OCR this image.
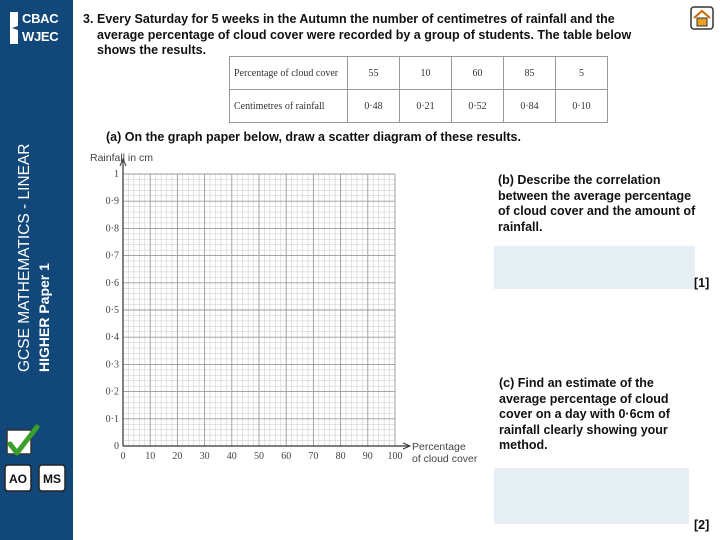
CBAC
WJEC
GCSE MATHEMATICS - LINEAR HIGHER Paper 1
AO MS
3. Every Saturday for 5 weeks in the Autumn the number of centimetres of rainfall and the
average percentage of cloud cover were recorded by a group of students. The table below
shows the results.
Percentage of cloud cover	55	10	60	85	5
Centimetres of rainfall	0·48	0·21	0·52	0·84	0·10
(a) On the graph paper below, draw a scatter diagram of these results.
0
0·1
0·2
0·3
0·4
0·5
0·6
0·7
0·8
0·9
1
0 10 20 30 40 50 60 70 80 90 100
Rainfall in cm
Percentage
of cloud cover
(b) Describe the correlation between the average percentage of cloud cover and the amount of rainfall.
[1]
(c) Find an estimate of the average percentage of cloud cover on a day with 0·6cm of rainfall clearly showing your method.
[2]
